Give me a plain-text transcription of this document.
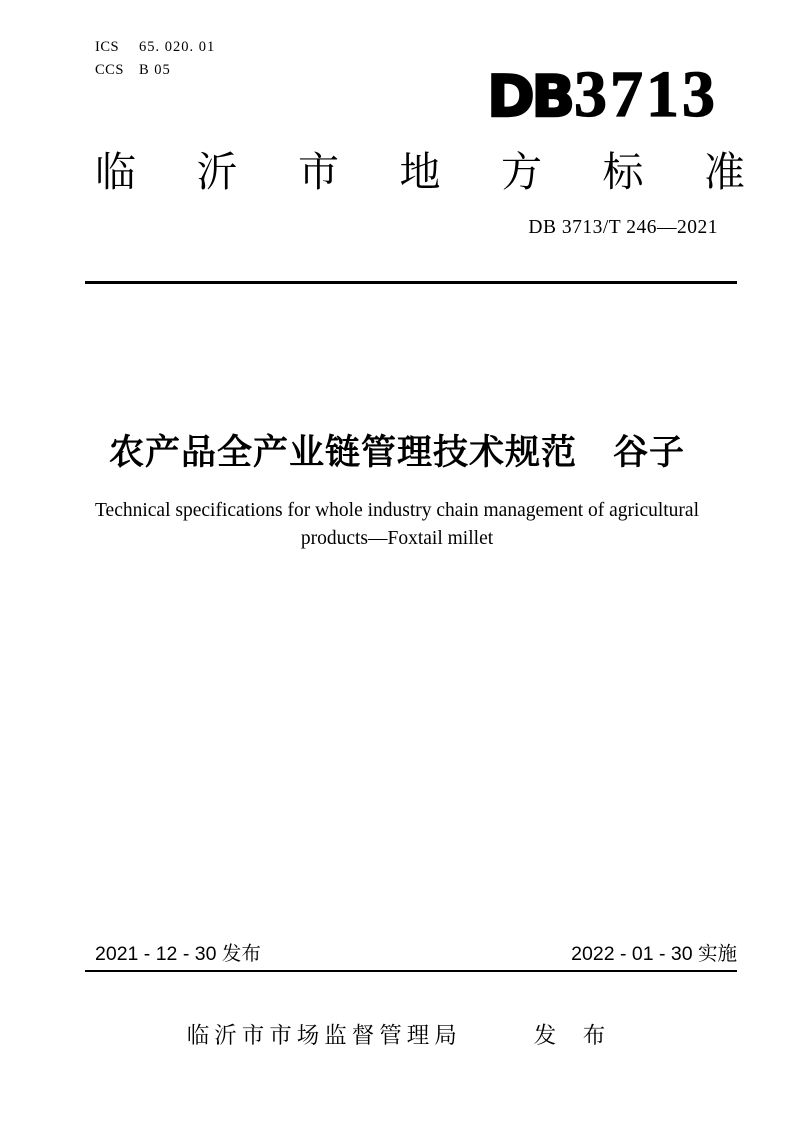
ICS	65. 020. 01
CCS	B 05	DB 3713
临 沂 市 地 方 标 准
DB 3713/T 246—2021
农产品全产业链管理技术规范　谷子
Technical specifications for whole industry chain management of agricultural
products—Foxtail millet
2021 - 12 - 30 发布	2022 - 01 - 30 实施
临沂市市场监督管理局	发　布
